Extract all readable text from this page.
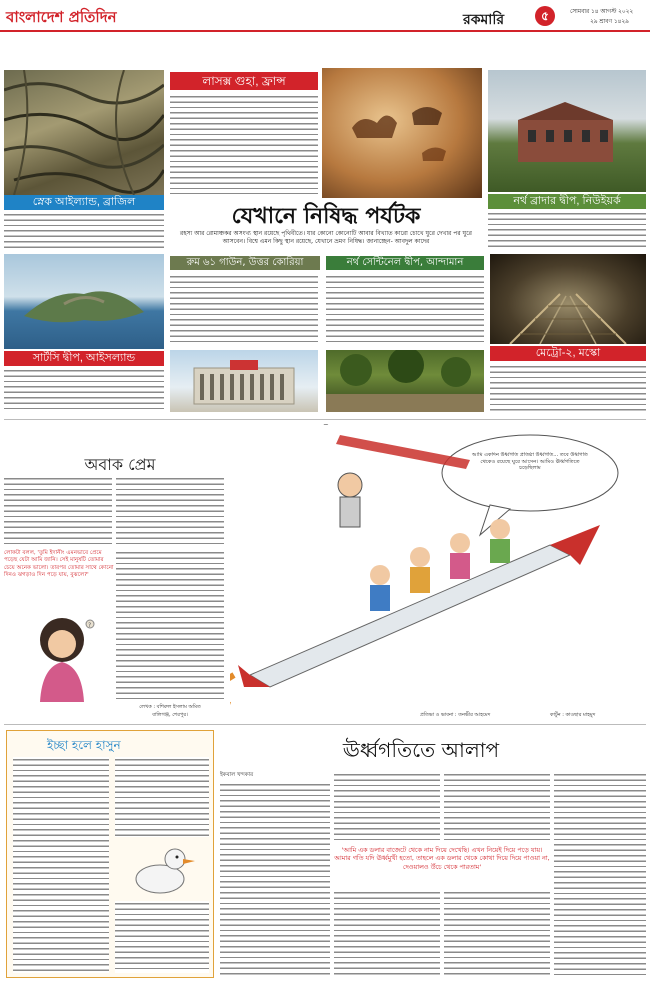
বাংলাদেশ প্রতিদিন	রকমারি	৫	সোমবার ১৪ আগস্ট ২০২২
২৯ শ্রাবণ ১৪২৯
স্নেক আইল্যান্ড, ব্রাজিল
লাসক্স গুহা, ফ্রান্স
নর্থ ব্রাদার দ্বীপ, নিউইয়র্ক
যেখানে নিষিদ্ধ পর্যটক
রহস্য আর রোমাঞ্চকর অসংখ্য স্থান রয়েছে পৃথিবীতে। যার কোনো কোনোটি আবার বিখ্যাত কারো চোখে ঘুরে দেখার পর ঘুরে আসবেন। বিশ্বে এমন কিছু স্থান রয়েছে, যেখানে ভ্রমণ নিষিদ্ধ। জানাচ্ছেন- আবদুল কাদের
সার্টসি দ্বীপ, আইসল্যান্ড
রুম ৬১ গাউন, উত্তর কোরিয়া	নর্থ সেন্টিনেল দ্বীপ, আন্দামান
মেট্রো-২, মস্কো
অবাক প্রেম
লোকটা বলল, 'তুমি ইদানীং এমনভাবে প্রেমে পড়েছ যেটা আমি জানি। সেই মানুষটি তোমার চেয়ে অনেক ভালো। তারপর তোমার সাথে কোনো দিনও ঝগড়াও দিন পড়ে যায়, বুঝলে?'
?
লেখক : বশিরুল ইসলাম অমিত
বালিগঞ্জ, শেরপুর।
আমি একদিন উর্ধ্বগতি প্রতিষ্ঠা উর্ধ্বগতি... তবে উর্ধ্বগতি থেকেও রয়েছে ঘুরে আসেন। আমিও ঊর্ধ্বগতিতে চড়েছিলাম
প্রতিভা ও ভাবনা : তনভীর আহমেদ	কার্টুন : কাওছার মাহমুদ
ইচ্ছা হলে হাসুন	ঊর্ধ্বগতিতে আলাপ
ইকবাল খন্দকার
'আমি এক ডলার বাজেটে থেকে নাম দিয়ে দেখেছি। এখন নিয়েই দিয়ে পড়ে যায়। আমার গতি যদি ঊর্ধ্বমুখী হতো, তাহলে এক ডলার থেকে কোথা দিয়ে দিয়ে পাওয়া না, দেওয়ালও উঁচে থেকে পারতাম'
